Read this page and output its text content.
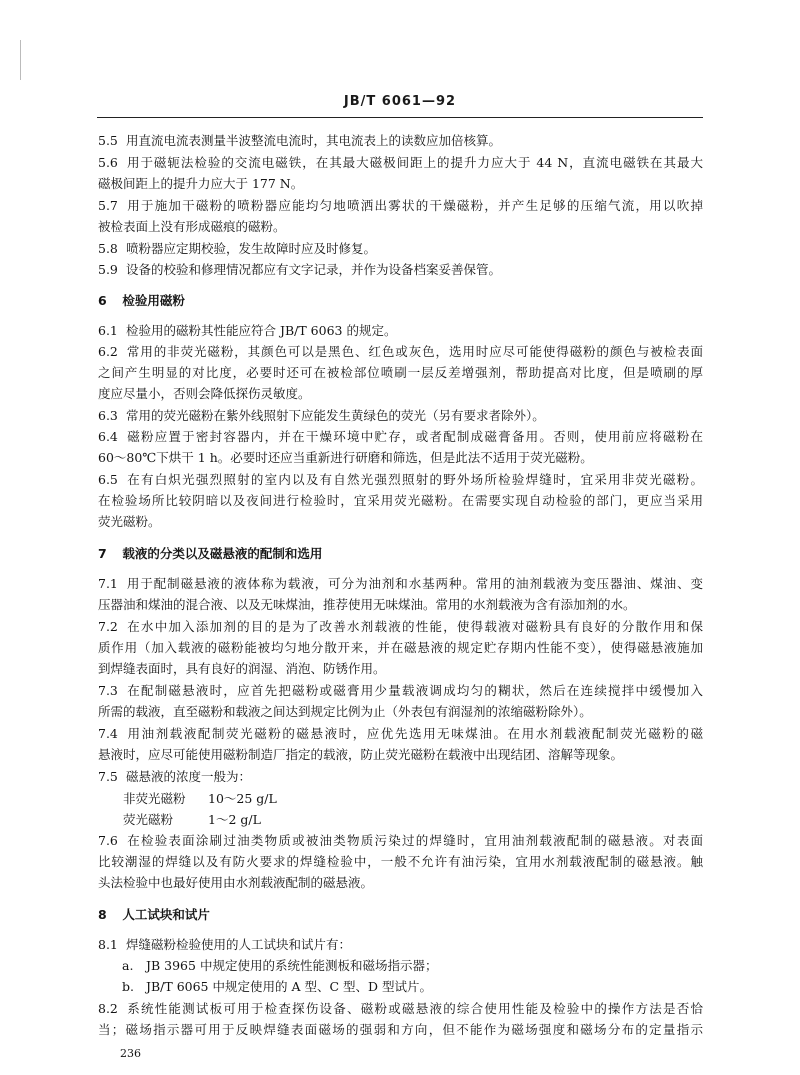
JB/T 6061—92
5.5 用直流电流表测量半波整流电流时，其电流表上的读数应加倍核算。
5.6 用于磁轭法检验的交流电磁铁，在其最大磁极间距上的提升力应大于 44 N，直流电磁铁在其最大
磁极间距上的提升力应大于 177 N。
5.7 用于施加干磁粉的喷粉器应能均匀地喷洒出雾状的干燥磁粉，并产生足够的压缩气流，用以吹掉
被检表面上没有形成磁痕的磁粉。
5.8 喷粉器应定期校验，发生故障时应及时修复。
5.9 设备的校验和修理情况都应有文字记录，并作为设备档案妥善保管。
6 检验用磁粉
6.1 检验用的磁粉其性能应符合 JB/T 6063 的规定。
6.2 常用的非荧光磁粉，其颜色可以是黑色、红色或灰色，选用时应尽可能使得磁粉的颜色与被检表面
之间产生明显的对比度，必要时还可在被检部位喷刷一层反差增强剂，帮助提高对比度，但是喷刷的厚
度应尽量小，否则会降低探伤灵敏度。
6.3 常用的荧光磁粉在紫外线照射下应能发生黄绿色的荧光（另有要求者除外）。
6.4 磁粉应置于密封容器内，并在干燥环境中贮存，或者配制成磁膏备用。否则，使用前应将磁粉在
60～80℃下烘干 1 h。必要时还应当重新进行研磨和筛选，但是此法不适用于荧光磁粉。
6.5 在有白炽光强烈照射的室内以及有自然光强烈照射的野外场所检验焊缝时，宜采用非荧光磁粉。
在检验场所比较阴暗以及夜间进行检验时，宜采用荧光磁粉。在需要实现自动检验的部门，更应当采用
荧光磁粉。
7 载液的分类以及磁悬液的配制和选用
7.1 用于配制磁悬液的液体称为载液，可分为油剂和水基两种。常用的油剂载液为变压器油、煤油、变
压器油和煤油的混合液、以及无味煤油，推荐使用无味煤油。常用的水剂载液为含有添加剂的水。
7.2 在水中加入添加剂的目的是为了改善水剂载液的性能，使得载液对磁粉具有良好的分散作用和保
质作用（加入载液的磁粉能被均匀地分散开来，并在磁悬液的规定贮存期内性能不变），使得磁悬液施加
到焊缝表面时，具有良好的润湿、消泡、防锈作用。
7.3 在配制磁悬液时，应首先把磁粉或磁膏用少量载液调成均匀的糊状，然后在连续搅拌中缓慢加入
所需的载液，直至磁粉和载液之间达到规定比例为止（外表包有润湿剂的浓缩磁粉除外）。
7.4 用油剂载液配制荧光磁粉的磁悬液时，应优先选用无味煤油。在用水剂载液配制荧光磁粉的磁
悬液时，应尽可能使用磁粉制造厂指定的载液，防止荧光磁粉在载液中出现结团、溶解等现象。
7.5 磁悬液的浓度一般为：
非荧光磁粉 10～25 g/L
荧光磁粉	1～2 g/L
7.6 在检验表面涂刷过油类物质或被油类物质污染过的焊缝时，宜用油剂载液配制的磁悬液。对表面
比较潮湿的焊缝以及有防火要求的焊缝检验中，一般不允许有油污染，宜用水剂载液配制的磁悬液。触
头法检验中也最好使用由水剂载液配制的磁悬液。
8 人工试块和试片
8.1 焊缝磁粉检验使用的人工试块和试片有：
a. JB 3965 中规定使用的系统性能测板和磁场指示器；
b. JB/T 6065 中规定使用的 A 型、C 型、D 型试片。
8.2 系统性能测试板可用于检查探伤设备、磁粉或磁悬液的综合使用性能及检验中的操作方法是否恰
当；磁场指示器可用于反映焊缝表面磁场的强弱和方向，但不能作为磁场强度和磁场分布的定量指示
236
